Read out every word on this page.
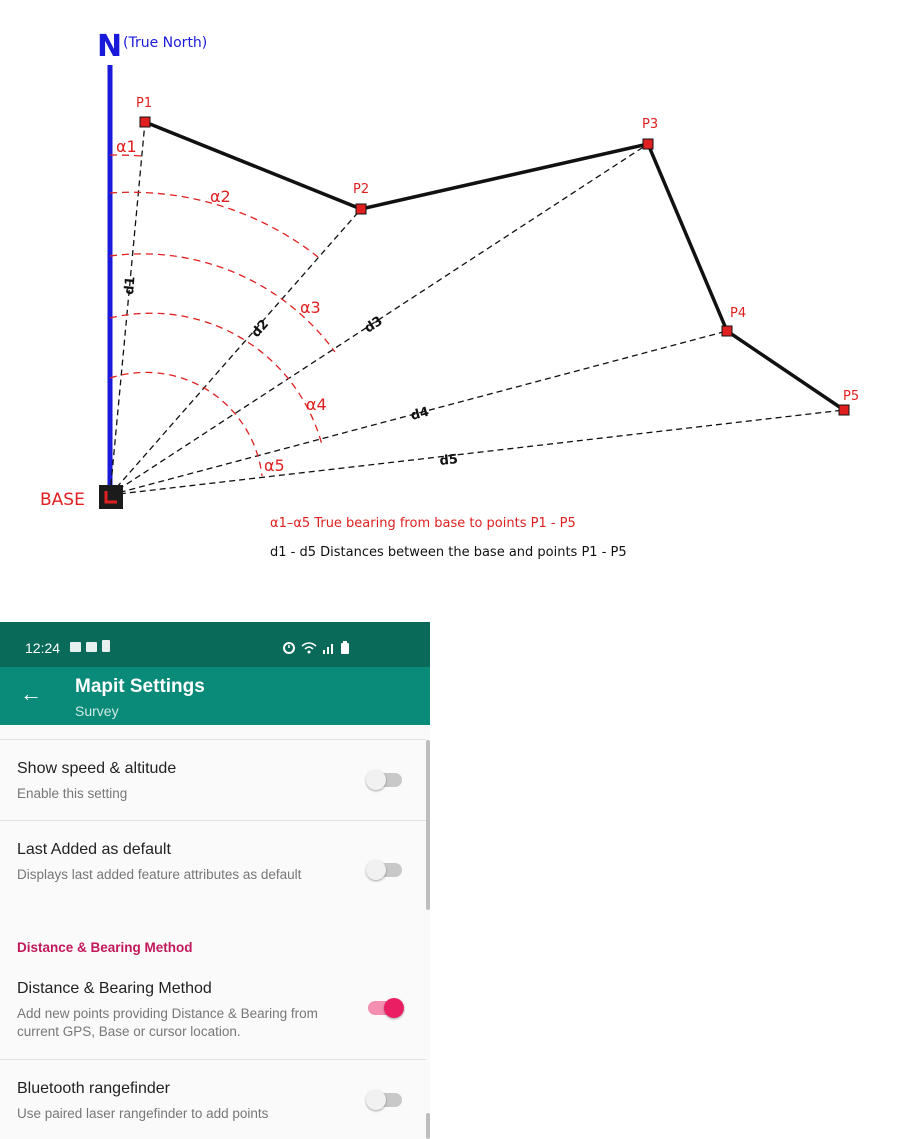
N (True North)
BASE
P1
P2
P3
P4
P5
α1
α2
α3
α4
α5
d1
d2	d3
d4
d5
α1–α5 True bearing from base to points P1 - P5
d1 - d5 Distances between the base and points P1 - P5
12:24
← Mapit Settings
Survey
Show speed & altitude
Enable this setting
Last Added as default
Displays last added feature attributes as default
Distance & Bearing Method
Distance & Bearing Method
Add new points providing Distance & Bearing from current GPS, Base or cursor location.
Bluetooth rangefinder
Use paired laser rangefinder to add points
